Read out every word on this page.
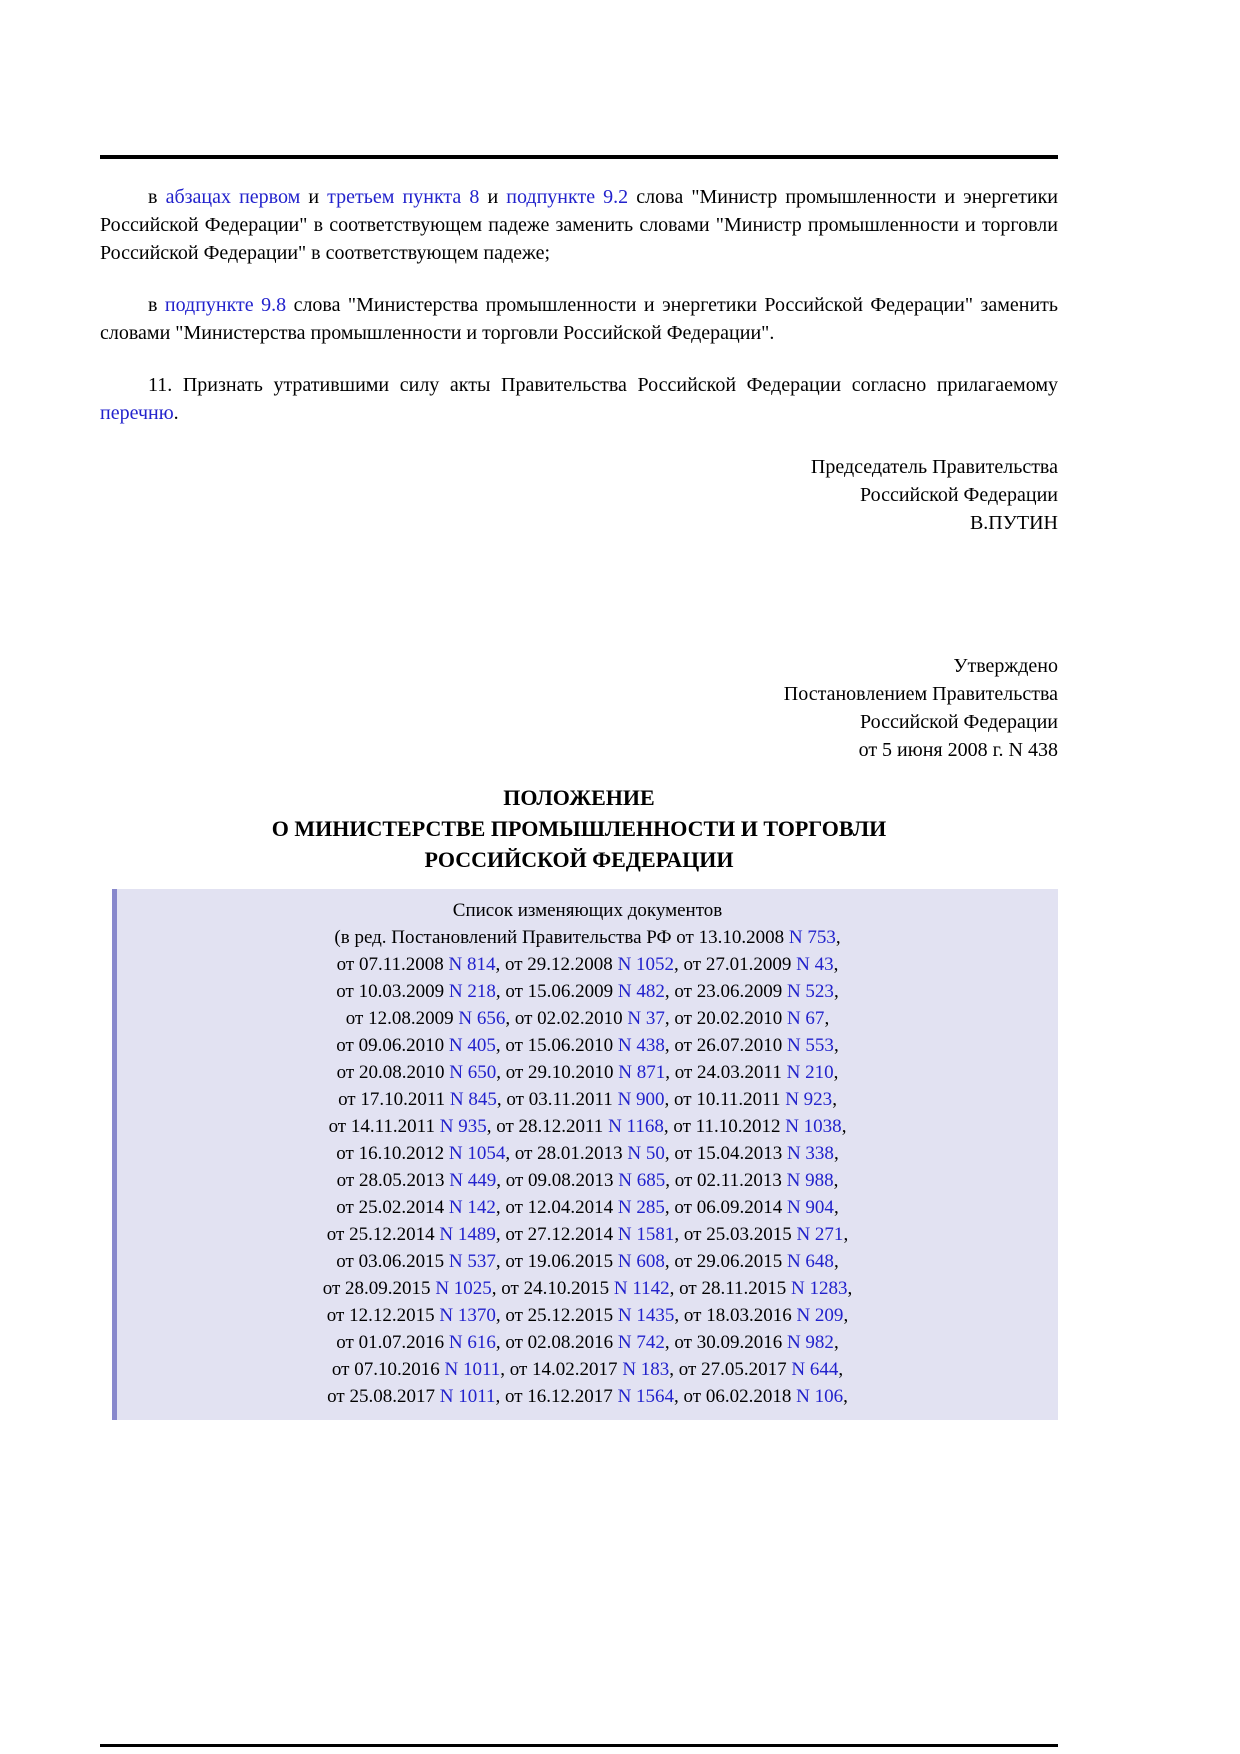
в абзацах первом и третьем пункта 8 и подпункте 9.2 слова "Министр промышленности и энергетики Российской Федерации" в соответствующем падеже заменить словами "Министр промышленности и торговли Российской Федерации" в соответствующем падеже;

в подпункте 9.8 слова "Министерства промышленности и энергетики Российской Федерации" заменить словами "Министерства промышленности и торговли Российской Федерации".

11. Признать утратившими силу акты Правительства Российской Федерации согласно прилагаемому перечню.

Председатель Правительства
Российской Федерации
В.ПУТИН
Утверждено
Постановлением Правительства
Российской Федерации
от 5 июня 2008 г. N 438
ПОЛОЖЕНИЕ
О МИНИСТЕРСТВЕ ПРОМЫШЛЕННОСТИ И ТОРГОВЛИ
РОССИЙСКОЙ ФЕДЕРАЦИИ
Список изменяющих документов
(в ред. Постановлений Правительства РФ от 13.10.2008 N 753,
от 07.11.2008 N 814, от 29.12.2008 N 1052, от 27.01.2009 N 43,
от 10.03.2009 N 218, от 15.06.2009 N 482, от 23.06.2009 N 523,
от 12.08.2009 N 656, от 02.02.2010 N 37, от 20.02.2010 N 67,
от 09.06.2010 N 405, от 15.06.2010 N 438, от 26.07.2010 N 553,
от 20.08.2010 N 650, от 29.10.2010 N 871, от 24.03.2011 N 210,
от 17.10.2011 N 845, от 03.11.2011 N 900, от 10.11.2011 N 923,
от 14.11.2011 N 935, от 28.12.2011 N 1168, от 11.10.2012 N 1038,
от 16.10.2012 N 1054, от 28.01.2013 N 50, от 15.04.2013 N 338,
от 28.05.2013 N 449, от 09.08.2013 N 685, от 02.11.2013 N 988,
от 25.02.2014 N 142, от 12.04.2014 N 285, от 06.09.2014 N 904,
от 25.12.2014 N 1489, от 27.12.2014 N 1581, от 25.03.2015 N 271,
от 03.06.2015 N 537, от 19.06.2015 N 608, от 29.06.2015 N 648,
от 28.09.2015 N 1025, от 24.10.2015 N 1142, от 28.11.2015 N 1283,
от 12.12.2015 N 1370, от 25.12.2015 N 1435, от 18.03.2016 N 209,
от 01.07.2016 N 616, от 02.08.2016 N 742, от 30.09.2016 N 982,
от 07.10.2016 N 1011, от 14.02.2017 N 183, от 27.05.2017 N 644,
от 25.08.2017 N 1011, от 16.12.2017 N 1564, от 06.02.2018 N 106,
